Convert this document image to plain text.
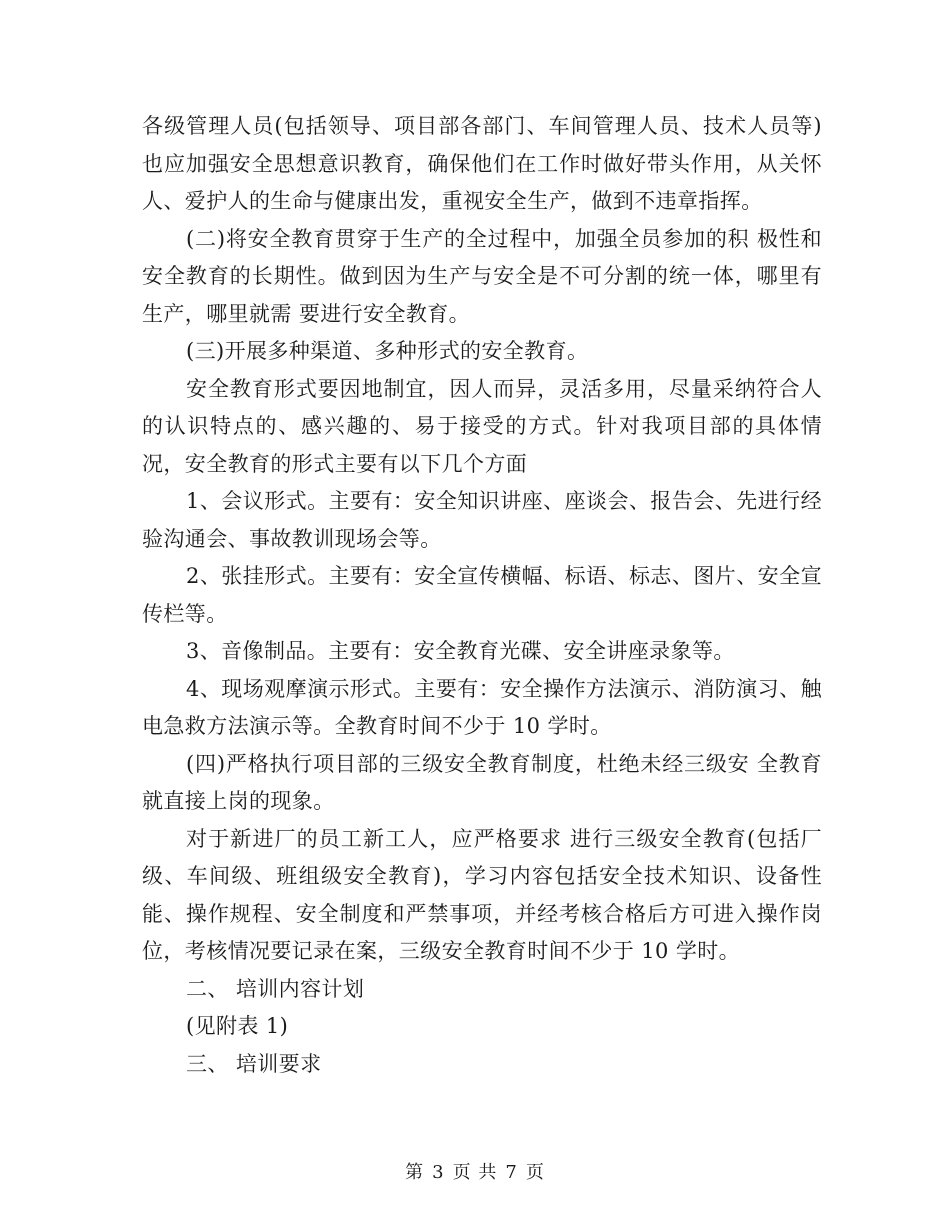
各级管理人员(包括领导、项目部各部门、车间管理人员、技术人员等)也应加强安全思想意识教育，确保他们在工作时做好带头作用，从关怀人、爱护人的生命与健康出发，重视安全生产，做到不违章指挥。

(二)将安全教育贯穿于生产的全过程中，加强全员参加的积 极性和安全教育的长期性。做到因为生产与安全是不可分割的统一体，哪里有生产，哪里就需 要进行安全教育。

(三)开展多种渠道、多种形式的安全教育。

安全教育形式要因地制宜，因人而异，灵活多用，尽量采纳符合人的认识特点的、感兴趣的、易于接受的方式。针对我项目部的具体情况，安全教育的形式主要有以下几个方面

1、会议形式。主要有：安全知识讲座、座谈会、报告会、先进行经验沟通会、事故教训现场会等。

2、张挂形式。主要有：安全宣传横幅、标语、标志、图片、安全宣传栏等。

3、音像制品。主要有：安全教育光碟、安全讲座录象等。

4、现场观摩演示形式。主要有：安全操作方法演示、消防演习、触电急救方法演示等。全教育时间不少于 10 学时。

(四)严格执行项目部的三级安全教育制度，杜绝未经三级安 全教育就直接上岗的现象。

对于新进厂的员工新工人，应严格要求 进行三级安全教育(包括厂级、车间级、班组级安全教育)，学习内容包括安全技术知识、设备性能、操作规程、安全制度和严禁事项，并经考核合格后方可进入操作岗位，考核情况要记录在案，三级安全教育时间不少于 10 学时。

二、 培训内容计划

(见附表 1)

三、 培训要求

第 3 页 共 7 页
